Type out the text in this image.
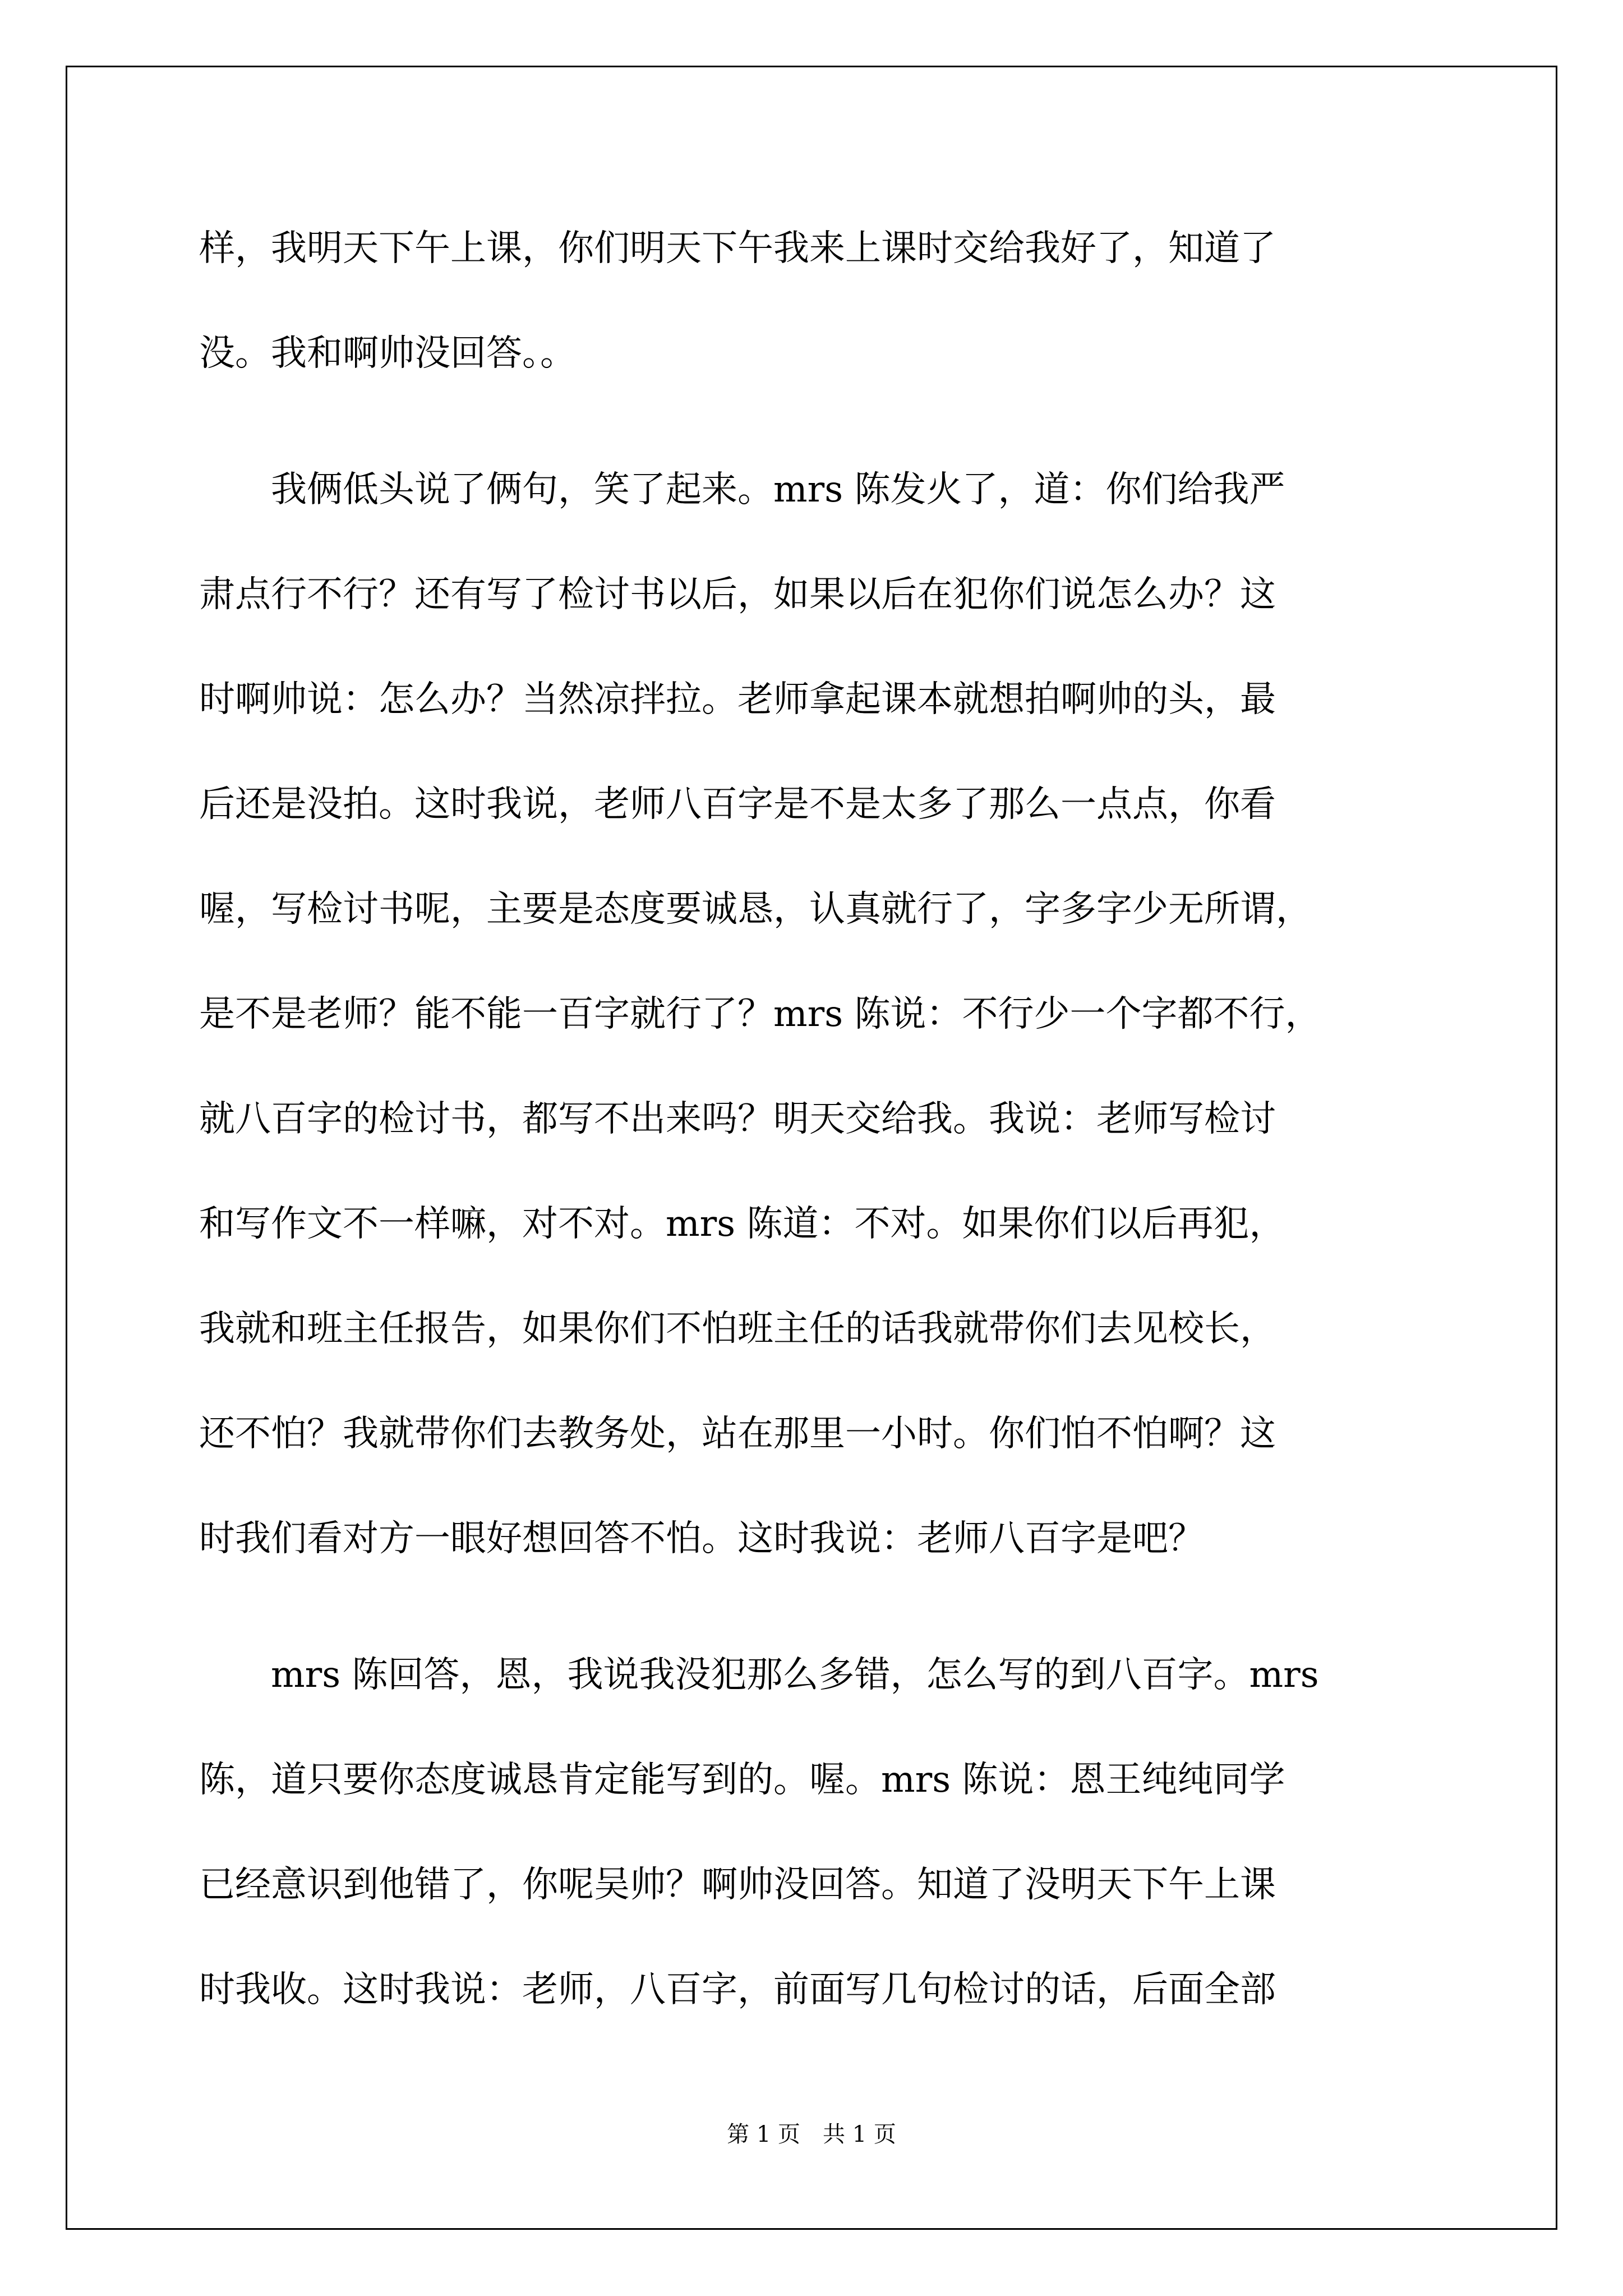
样，我明天下午上课，你们明天下午我来上课时交给我好了，知道了
没。我和啊帅没回答。。
　　我俩低头说了俩句，笑了起来。mrs 陈发火了，道：你们给我严
肃点行不行？还有写了检讨书以后，如果以后在犯你们说怎么办？这
时啊帅说：怎么办？当然凉拌拉。老师拿起课本就想拍啊帅的头，最
后还是没拍。这时我说，老师八百字是不是太多了那么一点点，你看
喔，写检讨书呢，主要是态度要诚恳，认真就行了，字多字少无所谓，
是不是老师？能不能一百字就行了？mrs 陈说：不行少一个字都不行，
就八百字的检讨书，都写不出来吗？明天交给我。我说：老师写检讨
和写作文不一样嘛，对不对。mrs 陈道：不对。如果你们以后再犯，
我就和班主任报告，如果你们不怕班主任的话我就带你们去见校长，
还不怕？我就带你们去教务处，站在那里一小时。你们怕不怕啊？这
时我们看对方一眼好想回答不怕。这时我说：老师八百字是吧？
　　mrs 陈回答，恩，我说我没犯那么多错，怎么写的到八百字。mrs
陈，道只要你态度诚恳肯定能写到的。喔。mrs 陈说：恩王纯纯同学
已经意识到他错了，你呢吴帅？啊帅没回答。知道了没明天下午上课
时我收。这时我说：老师，八百字，前面写几句检讨的话，后面全部
第 1 页　共 1 页
